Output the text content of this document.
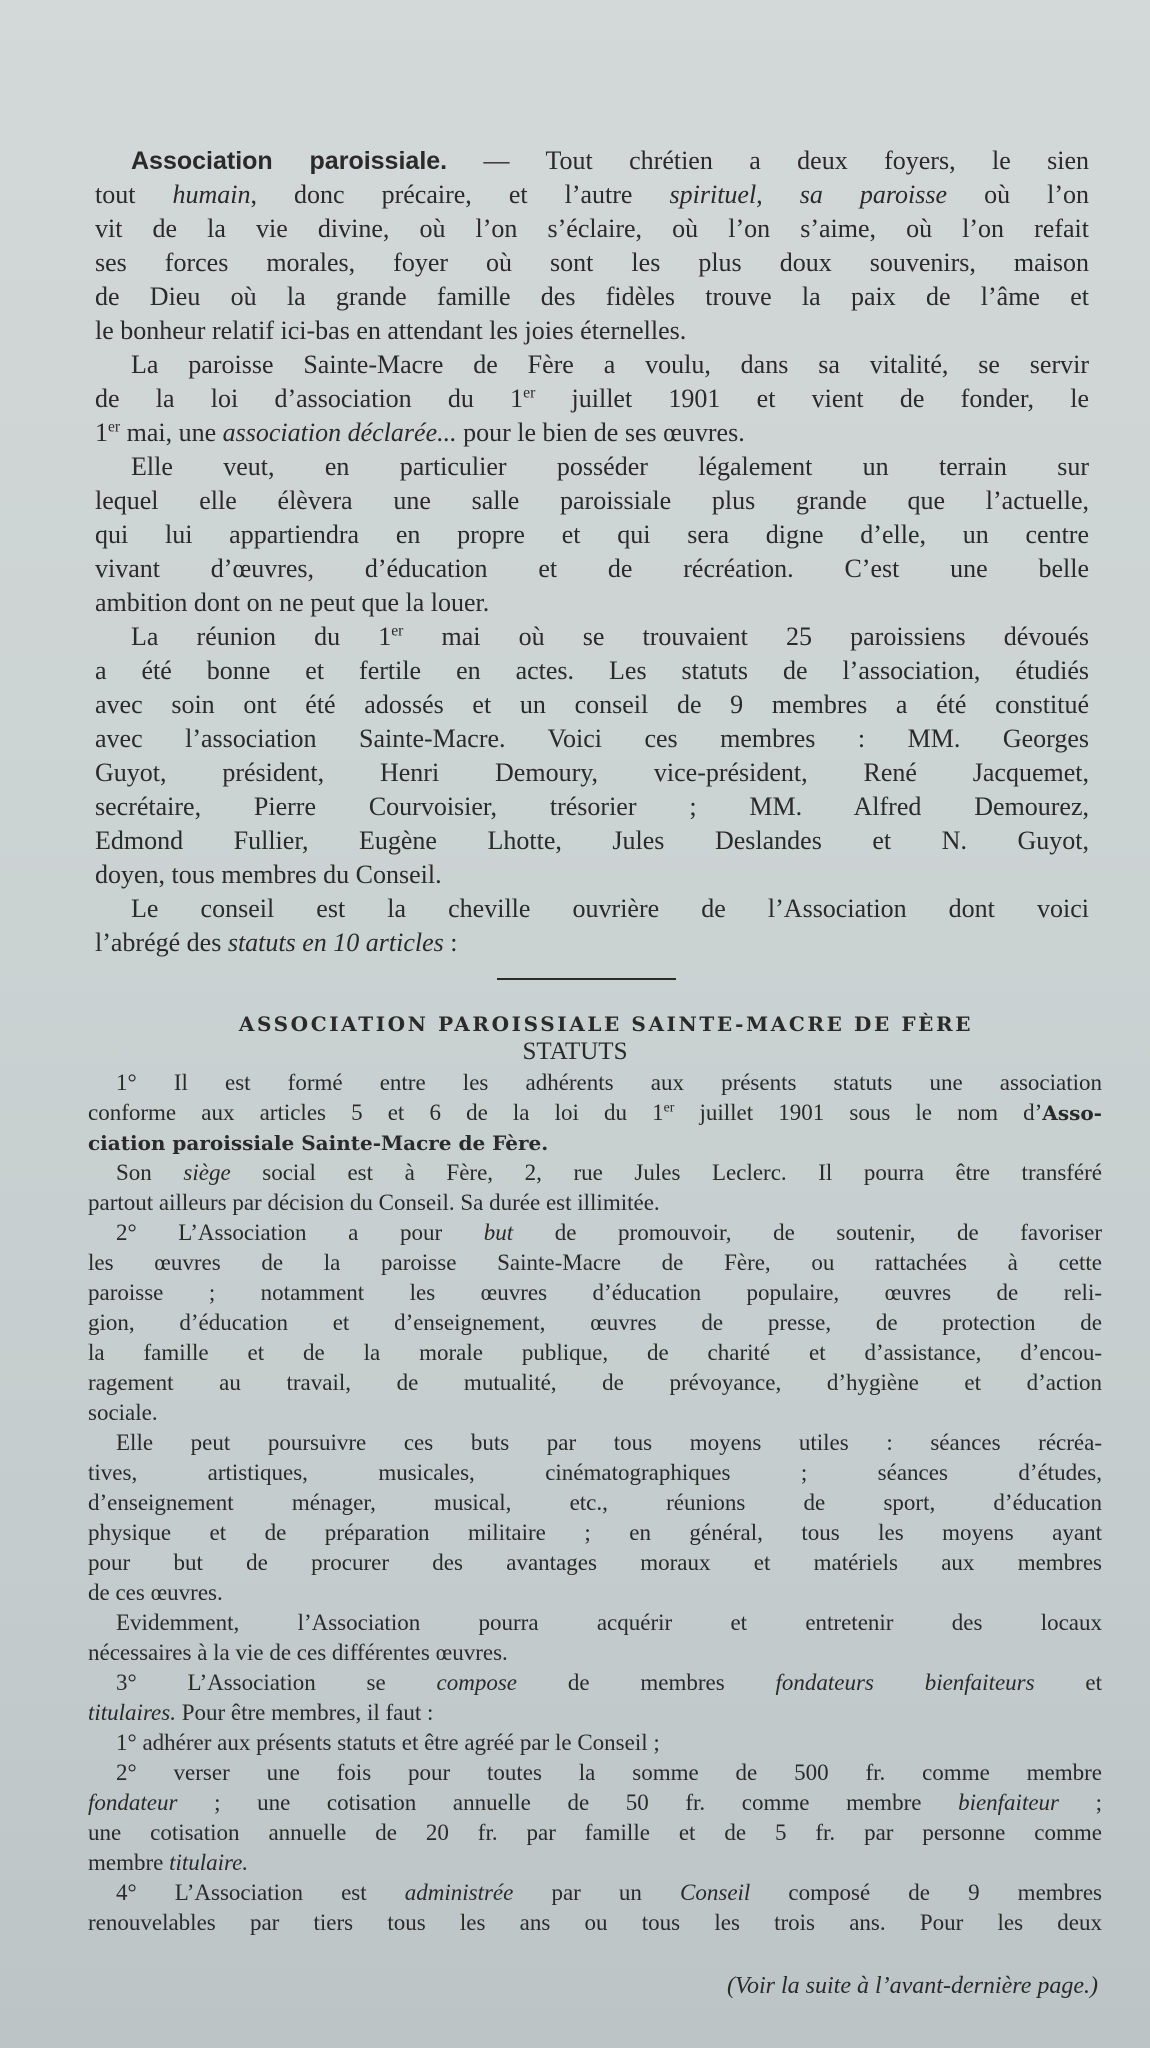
Association paroissiale. — Tout chrétien a deux foyers, le sien
tout humain, donc précaire, et l’autre spirituel, sa paroisse où l’on
vit de la vie divine, où l’on s’éclaire, où l’on s’aime, où l’on refait
ses forces morales, foyer où sont les plus doux souvenirs, maison
de Dieu où la grande famille des fidèles trouve la paix de l’âme et
le bonheur relatif ici-bas en attendant les joies éternelles.
La paroisse Sainte-Macre de Fère a voulu, dans sa vitalité, se servir
de la loi d’association du 1er juillet 1901 et vient de fonder, le
1er mai, une association déclarée... pour le bien de ses œuvres.
Elle veut, en particulier posséder légalement un terrain sur
lequel elle élèvera une salle paroissiale plus grande que l’actuelle,
qui lui appartiendra en propre et qui sera digne d’elle, un centre
vivant d’œuvres, d’éducation et de récréation. C’est une belle
ambition dont on ne peut que la louer.
La réunion du 1er mai où se trouvaient 25 paroissiens dévoués
a été bonne et fertile en actes. Les statuts de l’association, étudiés
avec soin ont été adossés et un conseil de 9 membres a été constitué
avec l’association Sainte-Macre. Voici ces membres : MM. Georges
Guyot, président, Henri Demoury, vice-président, René Jacquemet,
secrétaire, Pierre Courvoisier, trésorier ; MM. Alfred Demourez,
Edmond Fullier, Eugène Lhotte, Jules Deslandes et N. Guyot,
doyen, tous membres du Conseil.
Le conseil est la cheville ouvrière de l’Association dont voici
l’abrégé des statuts en 10 articles :
ASSOCIATION PAROISSIALE SAINTE-MACRE DE FÈRE
STATUTS
1° Il est formé entre les adhérents aux présents statuts une association
conforme aux articles 5 et 6 de la loi du 1er juillet 1901 sous le nom d’Asso-
ciation paroissiale Sainte-Macre de Fère.
Son siège social est à Fère, 2, rue Jules Leclerc. Il pourra être transféré
partout ailleurs par décision du Conseil. Sa durée est illimitée.
2° L’Association a pour but de promouvoir, de soutenir, de favoriser
les œuvres de la paroisse Sainte-Macre de Fère, ou rattachées à cette
paroisse ; notamment les œuvres d’éducation populaire, œuvres de reli-
gion, d’éducation et d’enseignement, œuvres de presse, de protection de
la famille et de la morale publique, de charité et d’assistance, d’encou-
ragement au travail, de mutualité, de prévoyance, d’hygiène et d’action
sociale.
Elle peut poursuivre ces buts par tous moyens utiles : séances récréa-
tives, artistiques, musicales, cinématographiques ; séances d’études,
d’enseignement ménager, musical, etc., réunions de sport, d’éducation
physique et de préparation militaire ; en général, tous les moyens ayant
pour but de procurer des avantages moraux et matériels aux membres
de ces œuvres.
Evidemment, l’Association pourra acquérir et entretenir des locaux
nécessaires à la vie de ces différentes œuvres.
3° L’Association se compose de membres fondateurs bienfaiteurs et
titulaires. Pour être membres, il faut :
1° adhérer aux présents statuts et être agréé par le Conseil ;
2° verser une fois pour toutes la somme de 500 fr. comme membre
fondateur ; une cotisation annuelle de 50 fr. comme membre bienfaiteur ;
une cotisation annuelle de 20 fr. par famille et de 5 fr. par personne comme
membre titulaire.
4° L’Association est administrée par un Conseil composé de 9 membres
renouvelables par tiers tous les ans ou tous les trois ans. Pour les deux
(Voir la suite à l’avant-dernière page.)
